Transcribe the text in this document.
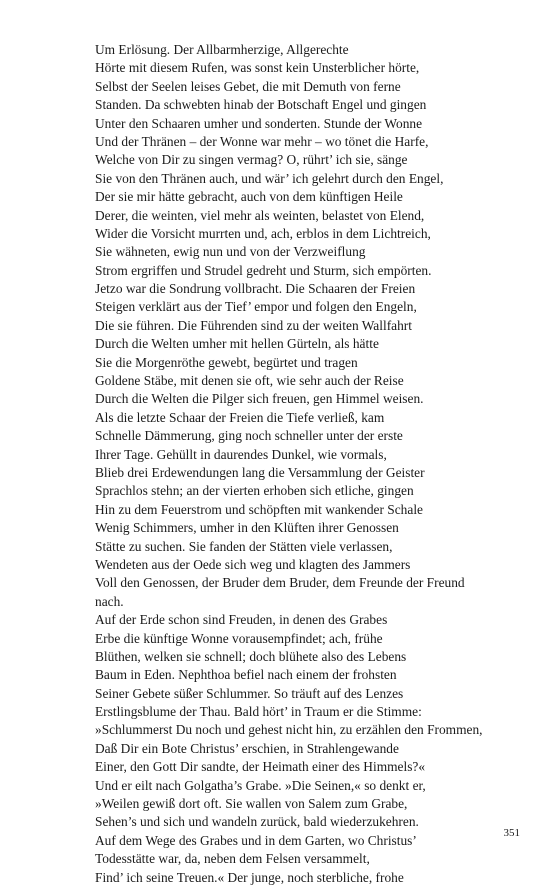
Um Erlösung. Der Allbarmherzige, Allgerechte
Hörte mit diesem Rufen, was sonst kein Unsterblicher hörte,
Selbst der Seelen leises Gebet, die mit Demuth von ferne
Standen. Da schwebten hinab der Botschaft Engel und gingen
Unter den Schaaren umher und sonderten. Stunde der Wonne
Und der Thränen – der Wonne war mehr – wo tönet die Harfe,
Welche von Dir zu singen vermag? O, rührt’ ich sie, sänge
Sie von den Thränen auch, und wär’ ich gelehrt durch den Engel,
Der sie mir hätte gebracht, auch von dem künftigen Heile
Derer, die weinten, viel mehr als weinten, belastet von Elend,
Wider die Vorsicht murrten und, ach, erblos in dem Lichtreich,
Sie wähneten, ewig nun und von der Verzweiflung
Strom ergriffen und Strudel gedreht und Sturm, sich empörten.
Jetzo war die Sondrung vollbracht. Die Schaaren der Freien
Steigen verklärt aus der Tief’ empor und folgen den Engeln,
Die sie führen. Die Führenden sind zu der weiten Wallfahrt
Durch die Welten umher mit hellen Gürteln, als hätte
Sie die Morgenröthe gewebt, begürtet und tragen
Goldene Stäbe, mit denen sie oft, wie sehr auch der Reise
Durch die Welten die Pilger sich freuen, gen Himmel weisen.
Als die letzte Schaar der Freien die Tiefe verließ, kam
Schnelle Dämmerung, ging noch schneller unter der erste
Ihrer Tage. Gehüllt in daurendes Dunkel, wie vormals,
Blieb drei Erdewendungen lang die Versammlung der Geister
Sprachlos stehn; an der vierten erhoben sich etliche, gingen
Hin zu dem Feuerstrom und schöpften mit wankender Schale
Wenig Schimmers, umher in den Klüften ihrer Genossen
Stätte zu suchen. Sie fanden der Stätten viele verlassen,
Wendeten aus der Oede sich weg und klagten des Jammers
Voll den Genossen, der Bruder dem Bruder, dem Freunde der Freund
nach.
Auf der Erde schon sind Freuden, in denen des Grabes
Erbe die künftige Wonne vorausempfindet; ach, frühe
Blüthen, welken sie schnell; doch blühete also des Lebens
Baum in Eden. Nephthoa befiel nach einem der frohsten
Seiner Gebete süßer Schlummer. So träuft auf des Lenzes
Erstlingsblume der Thau. Bald hört’ in Traum er die Stimme:
»Schlummerst Du noch und gehest nicht hin, zu erzählen den Frommen,
Daß Dir ein Bote Christus’ erschien, in Strahlengewande
Einer, den Gott Dir sandte, der Heimath einer des Himmels?«
Und er eilt nach Golgatha’s Grabe. »Die Seinen,« so denkt er,
»Weilen gewiß dort oft. Sie wallen von Salem zum Grabe,
Sehen’s und sich und wandeln zurück, bald wiederzukehren.
Auf dem Wege des Grabes und in dem Garten, wo Christus’
Todesstätte war, da, neben dem Felsen versammelt,
Find’ ich seine Treuen.« Der junge, noch sterbliche, frohe
351
